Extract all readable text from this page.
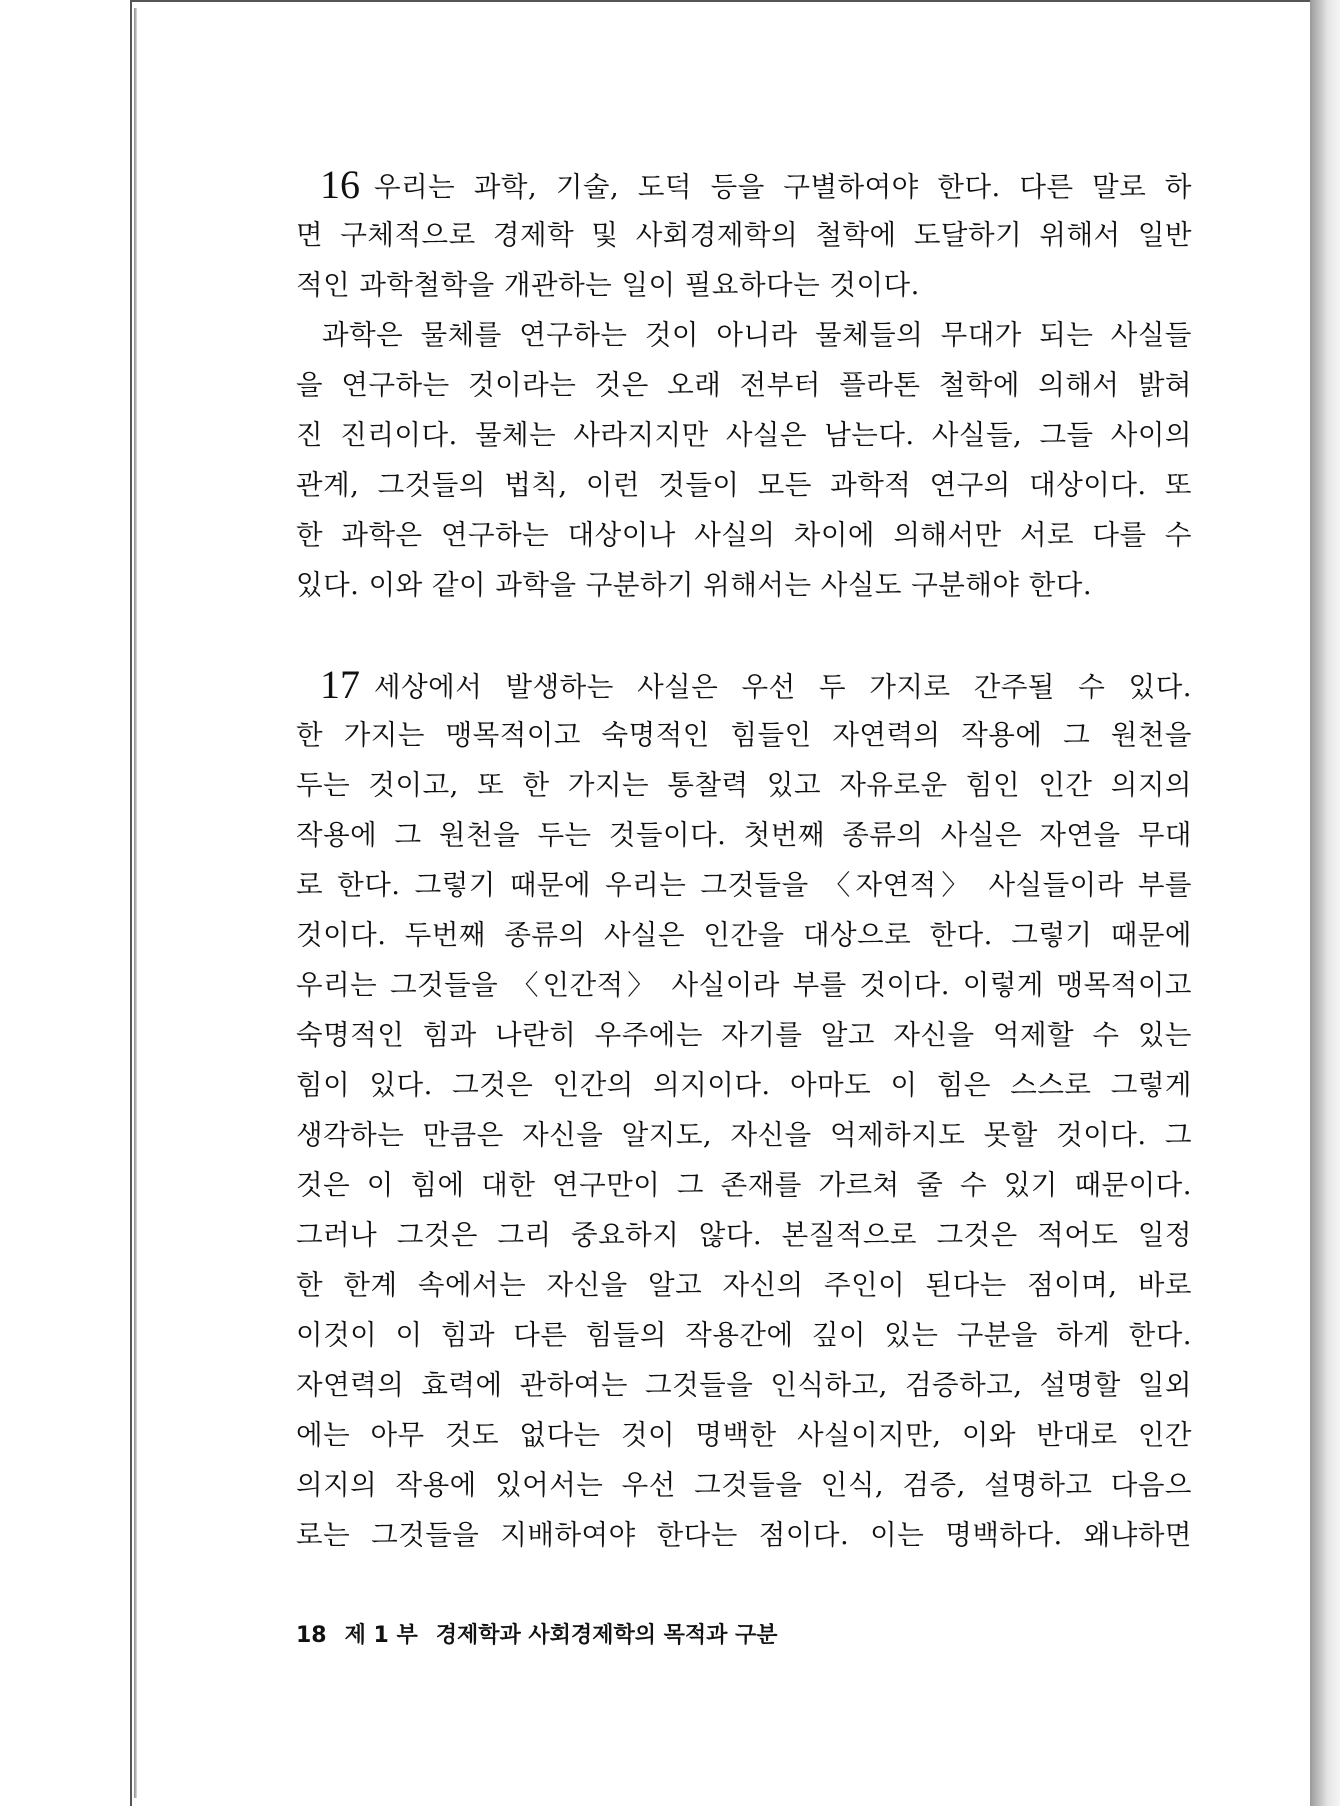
16 우리는 과학, 기술, 도덕 등을 구별하여야 한다. 다른 말로 하
면 구체적으로 경제학 및 사회경제학의 철학에 도달하기 위해서 일반
적인 과학철학을 개관하는 일이 필요하다는 것이다.
과학은 물체를 연구하는 것이 아니라 물체들의 무대가 되는 사실들
을 연구하는 것이라는 것은 오래 전부터 플라톤 철학에 의해서 밝혀
진 진리이다. 물체는 사라지지만 사실은 남는다. 사실들, 그들 사이의
관계, 그것들의 법칙, 이런 것들이 모든 과학적 연구의 대상이다. 또
한 과학은 연구하는 대상이나 사실의 차이에 의해서만 서로 다를 수
있다. 이와 같이 과학을 구분하기 위해서는 사실도 구분해야 한다.
17 세상에서 발생하는 사실은 우선 두 가지로 간주될 수 있다.
한 가지는 맹목적이고 숙명적인 힘들인 자연력의 작용에 그 원천을
두는 것이고, 또 한 가지는 통찰력 있고 자유로운 힘인 인간 의지의
작용에 그 원천을 두는 것들이다. 첫번째 종류의 사실은 자연을 무대
로 한다. 그렇기 때문에 우리는 그것들을 〈자연적〉 사실들이라 부를
것이다. 두번째 종류의 사실은 인간을 대상으로 한다. 그렇기 때문에
우리는 그것들을 〈인간적〉 사실이라 부를 것이다. 이렇게 맹목적이고
숙명적인 힘과 나란히 우주에는 자기를 알고 자신을 억제할 수 있는
힘이 있다. 그것은 인간의 의지이다. 아마도 이 힘은 스스로 그렇게
생각하는 만큼은 자신을 알지도, 자신을 억제하지도 못할 것이다. 그
것은 이 힘에 대한 연구만이 그 존재를 가르쳐 줄 수 있기 때문이다.
그러나 그것은 그리 중요하지 않다. 본질적으로 그것은 적어도 일정
한 한계 속에서는 자신을 알고 자신의 주인이 된다는 점이며, 바로
이것이 이 힘과 다른 힘들의 작용간에 깊이 있는 구분을 하게 한다.
자연력의 효력에 관하여는 그것들을 인식하고, 검증하고, 설명할 일외
에는 아무 것도 없다는 것이 명백한 사실이지만, 이와 반대로 인간
의지의 작용에 있어서는 우선 그것들을 인식, 검증, 설명하고 다음으
로는 그것들을 지배하여야 한다는 점이다. 이는 명백하다. 왜냐하면
18 제 1 부 경제학과 사회경제학의 목적과 구분
